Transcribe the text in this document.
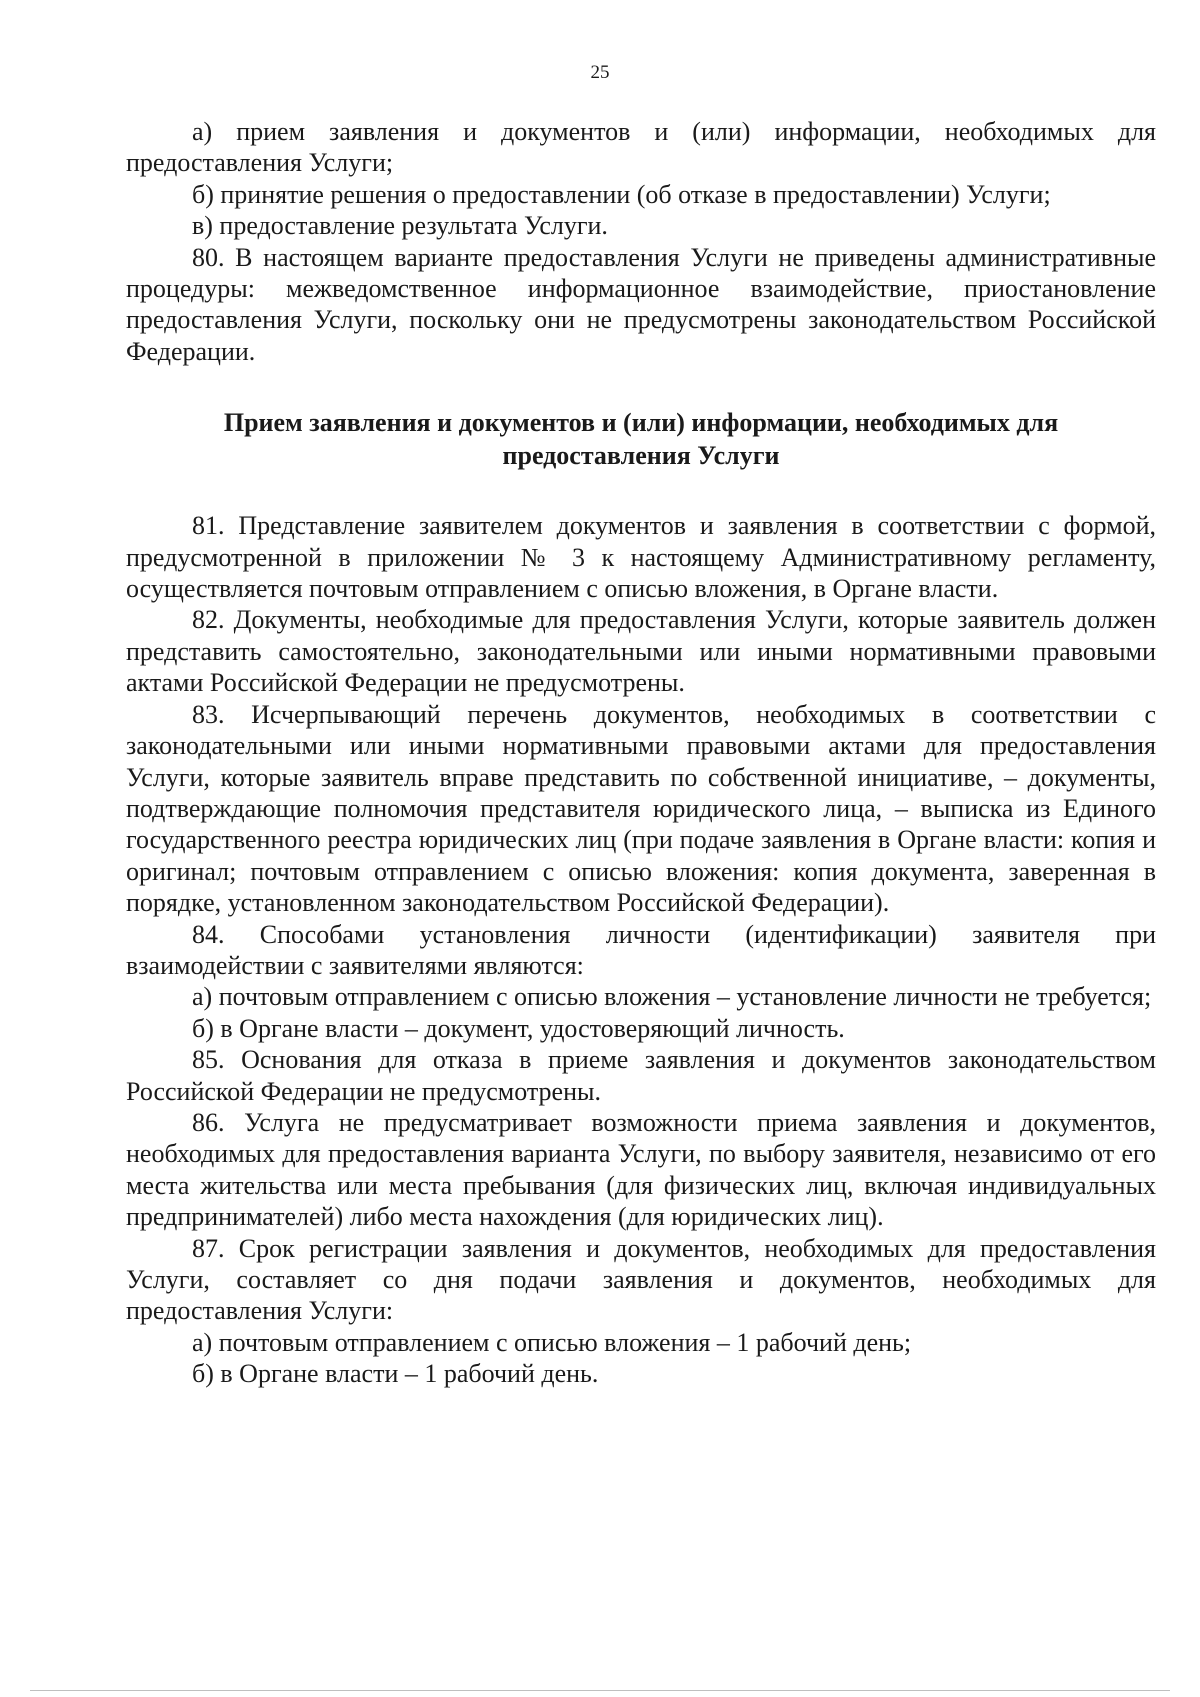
25

а) прием заявления и документов и (или) информации, необходимых для предоставления Услуги;

б) принятие решения о предоставлении (об отказе в предоставлении) Услуги;

в) предоставление результата Услуги.

80. В настоящем варианте предоставления Услуги не приведены административные процедуры: межведомственное информационное взаимодействие, приостановление предоставления Услуги, поскольку они не предусмотрены законодательством Российской Федерации.

Прием заявления и документов и (или) информации, необходимых для предоставления Услуги

81. Представление заявителем документов и заявления в соответствии с формой, предусмотренной в приложении № 3 к настоящему Административному регламенту, осуществляется почтовым отправлением с описью вложения, в Органе власти.

82. Документы, необходимые для предоставления Услуги, которые заявитель должен представить самостоятельно, законодательными или иными нормативными правовыми актами Российской Федерации не предусмотрены.

83. Исчерпывающий перечень документов, необходимых в соответствии с законодательными или иными нормативными правовыми актами для предоставления Услуги, которые заявитель вправе представить по собственной инициативе, – документы, подтверждающие полномочия представителя юридического лица, – выписка из Единого государственного реестра юридических лиц (при подаче заявления в Органе власти: копия и оригинал; почтовым отправлением с описью вложения: копия документа, заверенная в порядке, установленном законодательством Российской Федерации).

84. Способами установления личности (идентификации) заявителя при взаимодействии с заявителями являются:

а) почтовым отправлением с описью вложения – установление личности не требуется;

б) в Органе власти – документ, удостоверяющий личность.

85. Основания для отказа в приеме заявления и документов законодательством Российской Федерации не предусмотрены.

86. Услуга не предусматривает возможности приема заявления и документов, необходимых для предоставления варианта Услуги, по выбору заявителя, независимо от его места жительства или места пребывания (для физических лиц, включая индивидуальных предпринимателей) либо места нахождения (для юридических лиц).

87. Срок регистрации заявления и документов, необходимых для предоставления Услуги, составляет со дня подачи заявления и документов, необходимых для предоставления Услуги:

а) почтовым отправлением с описью вложения – 1 рабочий день;

б) в Органе власти – 1 рабочий день.
